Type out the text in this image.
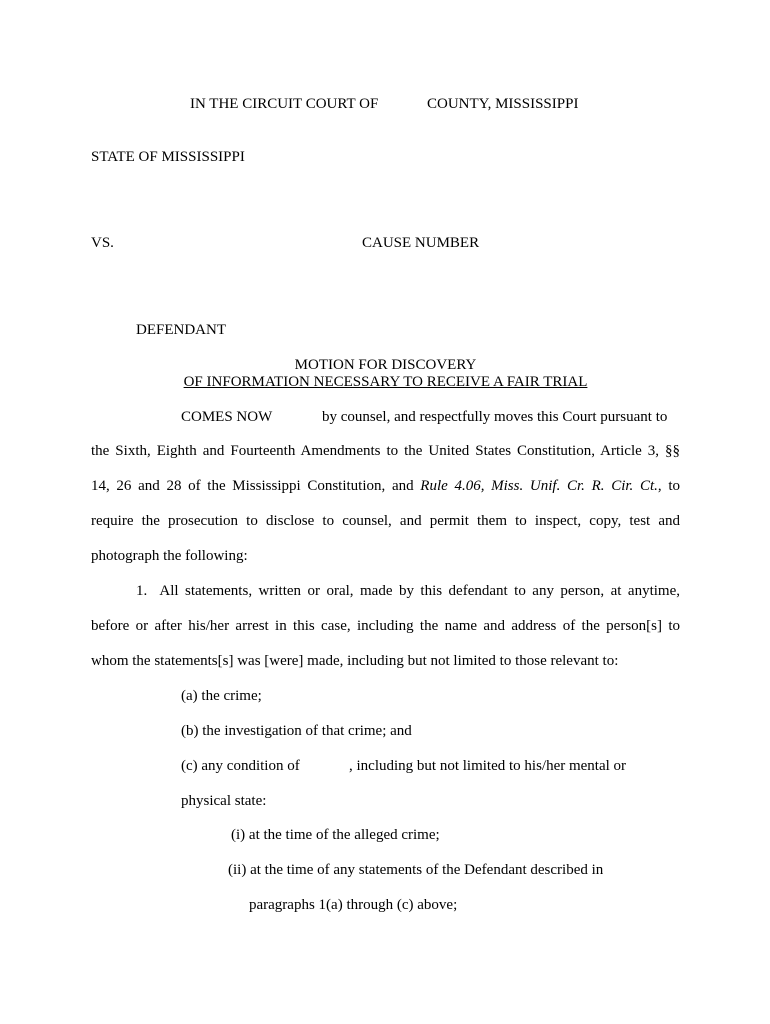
IN THE CIRCUIT COURT OF	COUNTY, MISSISSIPPI
STATE OF MISSISSIPPI
VS.	CAUSE NUMBER
DEFENDANT
MOTION FOR DISCOVERY
OF INFORMATION NECESSARY TO RECEIVE A FAIR TRIAL
COMES NOW	by counsel, and respectfully moves this Court pursuant to
the Sixth, Eighth and Fourteenth Amendments to the United States Constitution, Article 3, §§
14, 26 and 28 of the Mississippi Constitution, and Rule 4.06, Miss. Unif. Cr. R. Cir. Ct., to
require the prosecution to disclose to counsel, and permit them to inspect, copy, test and
photograph the following:
1.  All statements, written or oral, made by this defendant to any person, at anytime,
before or after his/her arrest in this case, including the name and address of the person[s] to
whom the statements[s] was [were] made, including but not limited to those relevant to:
(a) the crime;
(b) the investigation of that crime; and
(c) any condition of	, including but not limited to his/her mental or
physical state:
(i) at the time of the alleged crime;
(ii) at the time of any statements of the Defendant described in
paragraphs 1(a) through (c) above;
